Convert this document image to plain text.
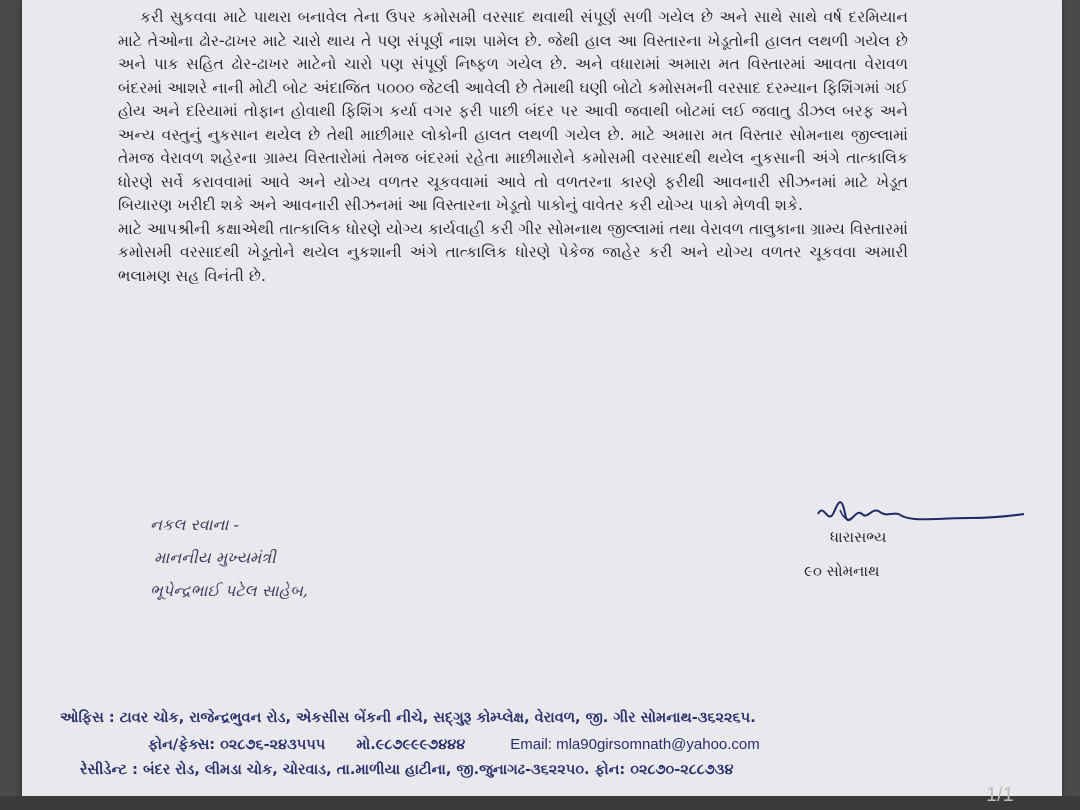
કરી સુકવવા માટે પાથરા બનાવેલ તેના ઉપર કમોસમી વરસાદ થવાથી સંપૂર્ણ સળી ગયેલ છે અને સાથે સાથે વર્ષ દરમિયાન માટે તેઓના ઢોર-ઢાખર માટે ચારો થાય તે પણ સંપૂર્ણ નાશ પામેલ છે. જેથી હાલ આ વિસ્તારના ખેડૂતોની હાલત લથળી ગયેલ છે અને પાક સહિત ઢોર-ઢાખર માટેનો ચારો પણ સંપૂર્ણ નિષ્ફળ ગયેલ છે. અને વધારામાં અમારા મત વિસ્તારમાં આવતા વેરાવળ બંદરમાં આશરે નાની મોટી બોટ અંદાજિત ૫૦૦૦ જેટલી આવેલી છે તેમાથી ઘણી બોટો કમોસમની વરસાદ દરમ્યાન ફિશિંગમાં ગઈ હોય અને દરિયામાં તોફાન હોવાથી ફિશિંગ કર્યા વગર ફરી પાછી બંદર પર આવી જવાથી બોટમાં લઈ જવાતુ ડીઝલ બરફ અને અન્ય વસ્તુનું નુકસાન થયેલ છે તેથી માછીમાર લોકોની હાલત લથળી ગયેલ છે. માટે અમારા મત વિસ્તાર સોમનાથ જીલ્લામાં તેમજ વેરાવળ શહેરના ગ્રામ્ય વિસ્તારોમાં તેમજ બંદરમાં રહેતા માછીમારોને કમોસમી વરસાદથી થયેલ નુકસાની અંગે તાત્કાલિક ધોરણે સર્વે કરાવવામાં આવે અને યોગ્ય વળતર ચૂકવવામાં આવે તો વળતરના કારણે ફરીથી આવનારી સીઝનમાં માટે ખેડૂત બિયારણ ખરીદી શકે અને આવનારી સીઝનમાં આ વિસ્તારના ખેડૂતો પાકોનું વાવેતર કરી યોગ્ય પાકો મેળવી શકે.

માટે આપશ્રીની કક્ષાએથી તાત્કાલિક ધોરણે યોગ્ય કાર્યવાહી કરી ગીર સોમનાથ જીલ્લામાં તથા વેરાવળ તાલુકાના ગ્રામ્ય વિસ્તારમાં કમોસમી વરસાદથી ખેડૂતોને થયેલ નુકશાની અંગે તાત્કાલિક ધોરણે પેકેજ જાહેર કરી અને યોગ્ય વળતર ચૂકવવા અમારી ભલામણ સહ વિનંતી છે.

નકલ રવાના -
માનનીય મુખ્યમંત્રી
ભૂપેન્દ્રભાઈ પટેલ સાહેબ,
ધારાસભ્ય
૯૦ સોમનાથ
ઓફિસ : ટાવર ચોક, રાજેન્દ્રભુવન રોડ, એકસીસ બેંકની નીચે, સદ્ગુરૂ કોમ્પ્લેક્ષ, વેરાવળ, જી. ગીર સોમનાથ-૩૬૨૨૬૫.
ફોન/ફેક્સ: ૦૨૮૭૬-૨૪૩૫૫૫ મો.૯૮૭૯૯૯૭૪૪૪	Email: mla90girsomnath@yahoo.com
રેસીડેન્ટ : બંદર રોડ, લીમડા ચોક, ચોરવાડ, તા.માળીયા હાટીના, જી.જુનાગઢ-૩૬૨૨૫૦. ફોન: ૦૨૮૭૦-૨૮૮૭૩૪
1/1
